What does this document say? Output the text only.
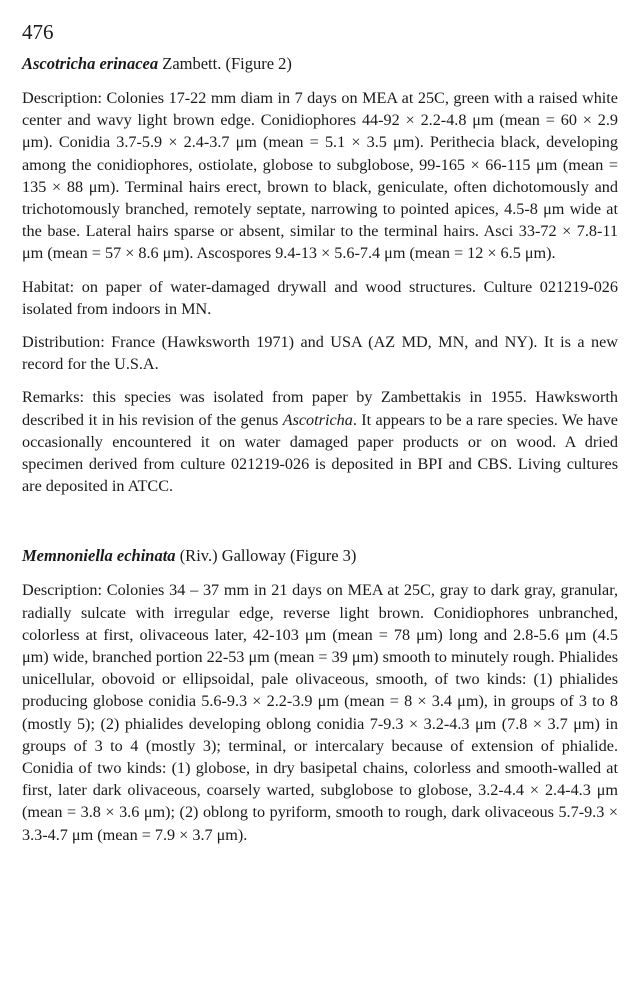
476
Ascotricha erinacea Zambett. (Figure 2)

Description: Colonies 17-22 mm diam in 7 days on MEA at 25C, green with a raised white center and wavy light brown edge. Conidiophores 44-92 × 2.2-4.8 μm (mean = 60 × 2.9 μm). Conidia 3.7-5.9 × 2.4-3.7 μm (mean = 5.1 × 3.5 μm). Perithecia black, developing among the conidiophores, ostiolate, globose to subglobose, 99-165 × 66-115 μm (mean = 135 × 88 μm). Terminal hairs erect, brown to black, geniculate, often dichotomously and trichotomously branched, remotely septate, narrowing to pointed apices, 4.5-8 μm wide at the base. Lateral hairs sparse or absent, similar to the terminal hairs. Asci 33-72 × 7.8-11 μm (mean = 57 × 8.6 μm). Ascospores 9.4-13 × 5.6-7.4 μm (mean = 12 × 6.5 μm).

Habitat: on paper of water-damaged drywall and wood structures. Culture 021219-026 isolated from indoors in MN.

Distribution: France (Hawksworth 1971) and USA (AZ MD, MN, and NY). It is a new record for the U.S.A.

Remarks: this species was isolated from paper by Zambettakis in 1955. Hawksworth described it in his revision of the genus Ascotricha. It appears to be a rare species. We have occasionally encountered it on water damaged paper products or on wood. A dried specimen derived from culture 021219-026 is deposited in BPI and CBS. Living cultures are deposited in ATCC.

Memnoniella echinata (Riv.) Galloway (Figure 3)

Description: Colonies 34 – 37 mm in 21 days on MEA at 25C, gray to dark gray, granular, radially sulcate with irregular edge, reverse light brown. Conidiophores unbranched, colorless at first, olivaceous later, 42-103 μm (mean = 78 μm) long and 2.8-5.6 μm (4.5 μm) wide, branched portion 22-53 μm (mean = 39 μm) smooth to minutely rough. Phialides unicellular, obovoid or ellipsoidal, pale olivaceous, smooth, of two kinds: (1) phialides producing globose conidia 5.6-9.3 × 2.2-3.9 μm (mean = 8 × 3.4 μm), in groups of 3 to 8 (mostly 5); (2) phialides developing oblong conidia 7-9.3 × 3.2-4.3 μm (7.8 × 3.7 μm) in groups of 3 to 4 (mostly 3); terminal, or intercalary because of extension of phialide. Conidia of two kinds: (1) globose, in dry basipetal chains, colorless and smooth-walled at first, later dark olivaceous, coarsely warted, subglobose to globose, 3.2-4.4 × 2.4-4.3 μm (mean = 3.8 × 3.6 μm); (2) oblong to pyriform, smooth to rough, dark olivaceous 5.7-9.3 × 3.3-4.7 μm (mean = 7.9 × 3.7 μm).
